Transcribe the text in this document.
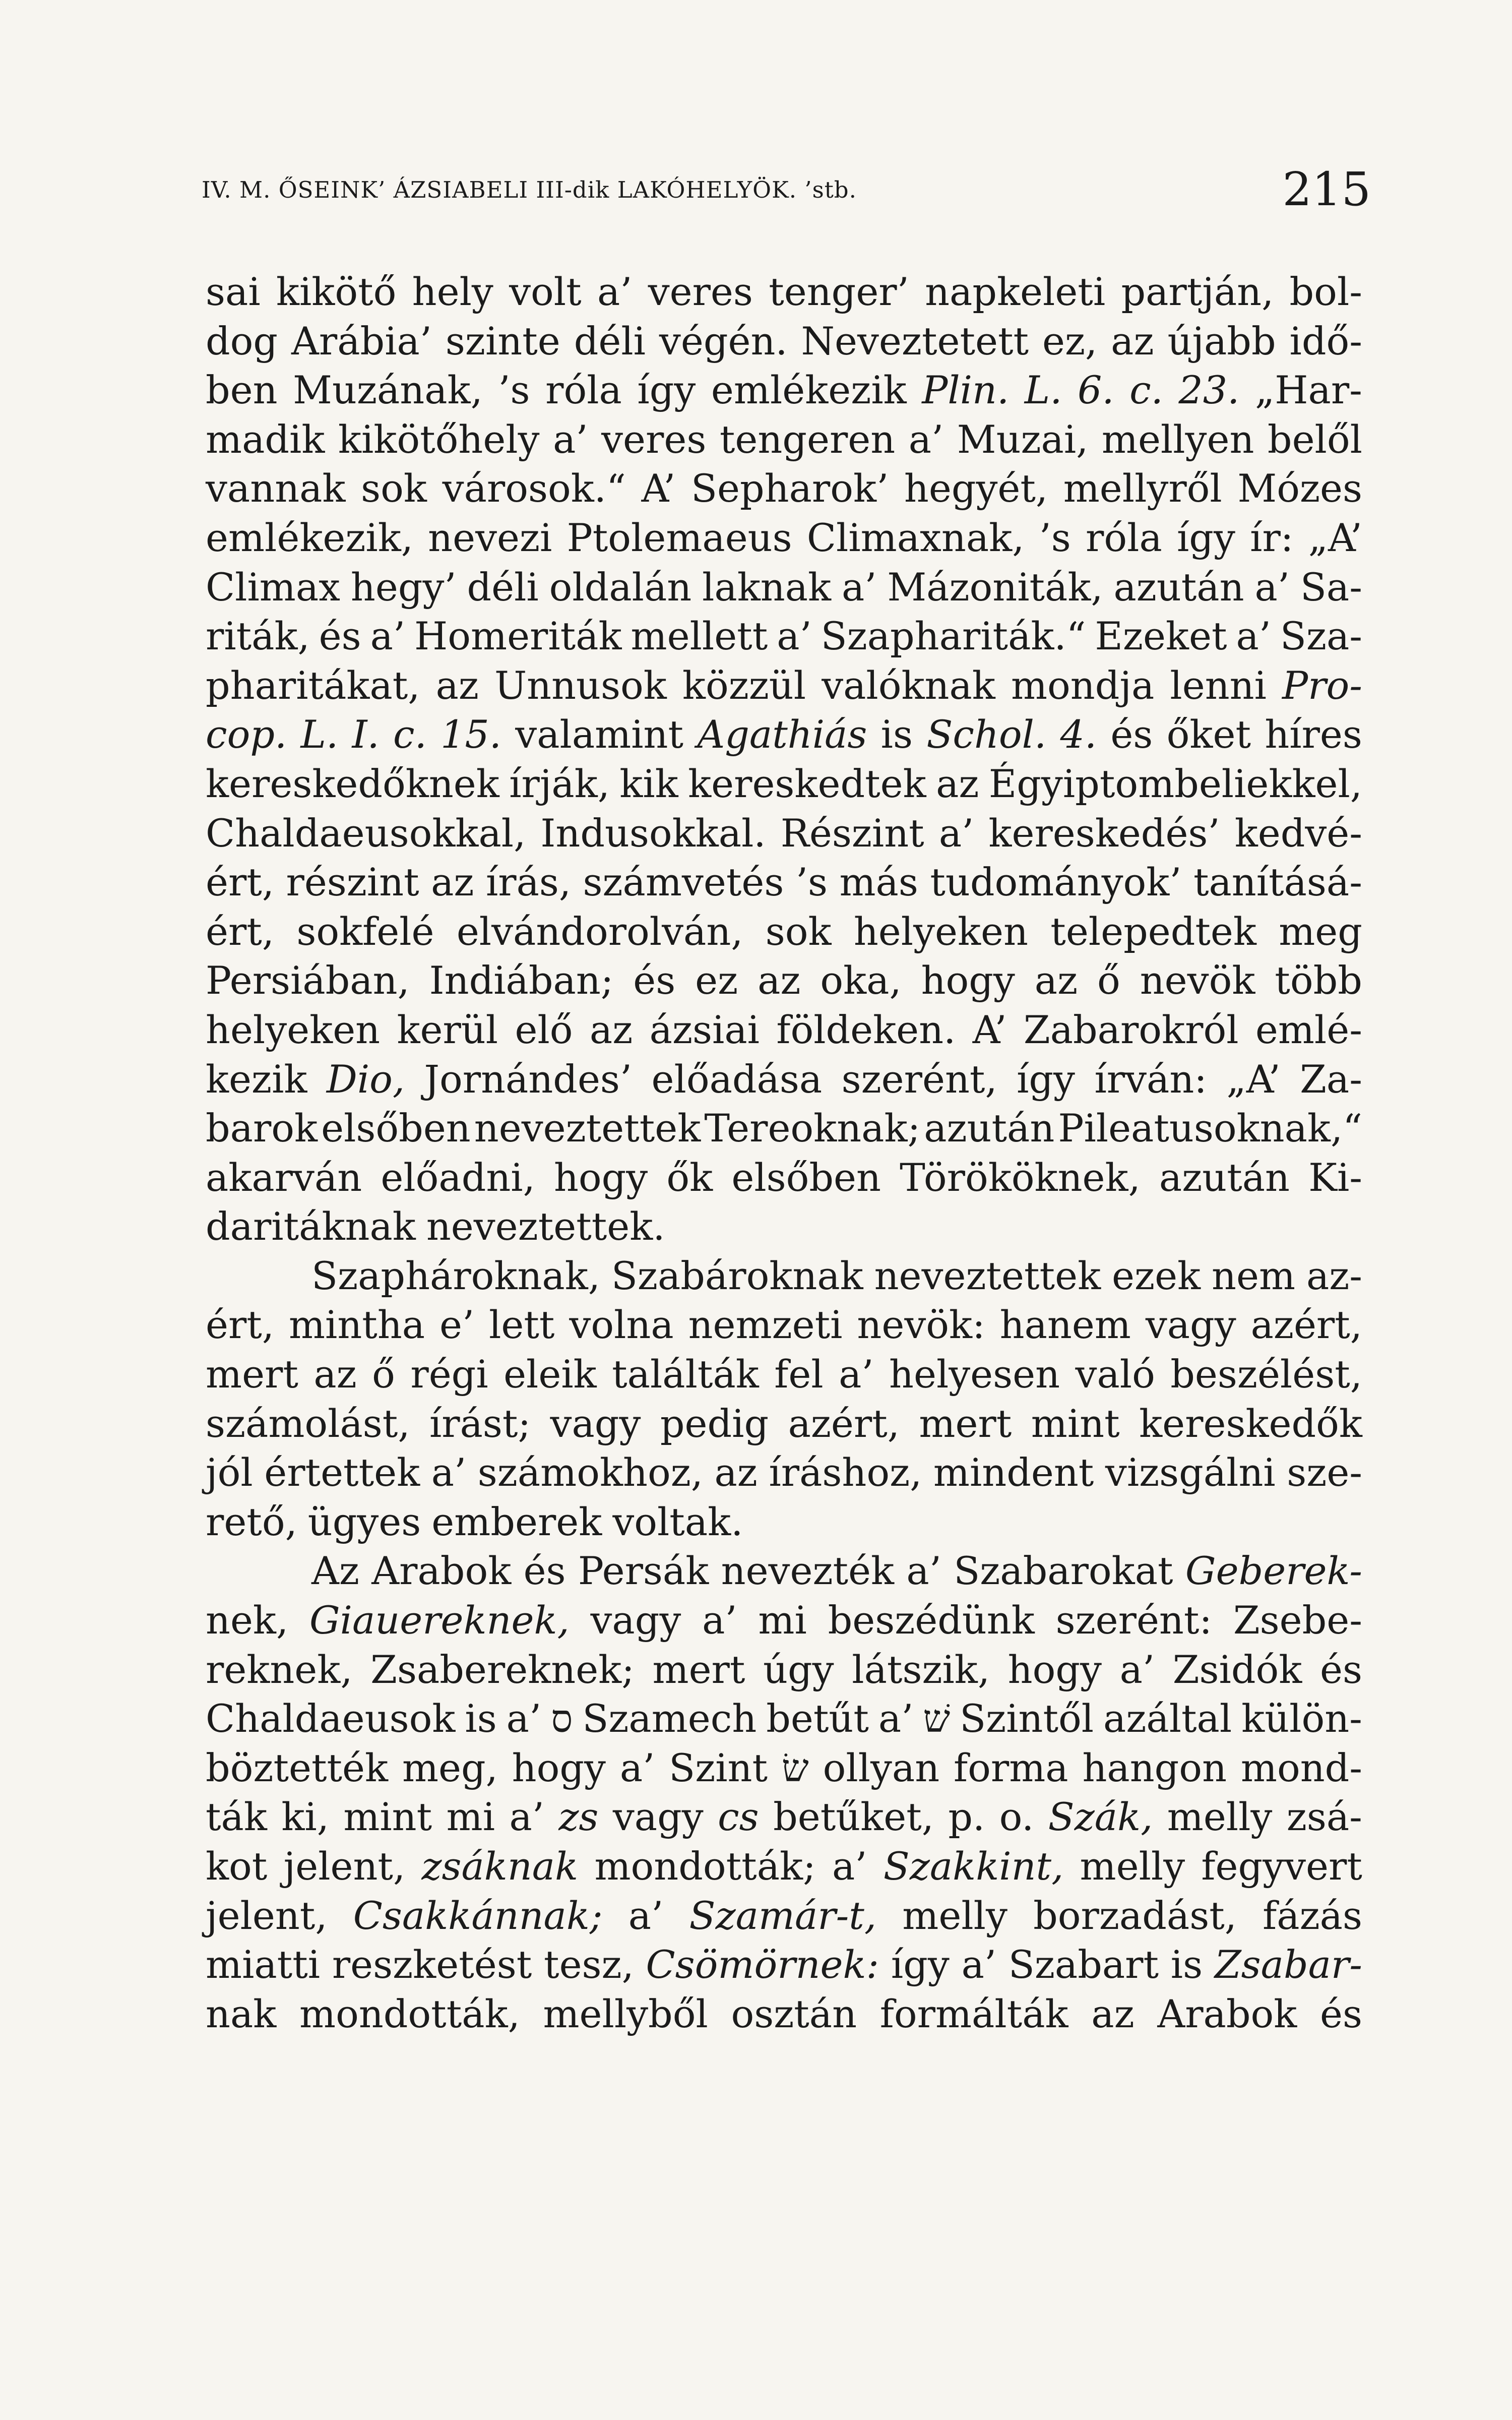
IV. M. ŐSEINK’ ÁZSIABELI III-dik LAKÓHELYÖK. ’stb.	215
sai kikötő hely volt a’ veres tenger’ napkeleti partján, bol-
dog Arábia’ szinte déli végén. Neveztetett ez, az újabb idő-
ben Muzának, ’s róla így emlékezik Plin. L. 6. c. 23. „Har-
madik kikötőhely a’ veres tengeren a’ Muzai, mellyen belől
vannak sok városok.“ A’ Sepharok’ hegyét, mellyről Mózes
emlékezik, nevezi Ptolemaeus Climaxnak, ’s róla így ír: „A’
Climax hegy’ déli oldalán laknak a’ Mázoniták, azután a’ Sa-
riták, és a’ Homeriták mellett a’ Szaphariták.“ Ezeket a’ Sza-
pharitákat, az Unnusok közzül valóknak mondja lenni Pro-
cop. L. I. c. 15. valamint Agathiás is Schol. 4. és őket híres
kereskedőknek írják, kik kereskedtek az Égyiptombeliekkel,
Chaldaeusokkal, Indusokkal. Részint a’ kereskedés’ kedvé-
ért, részint az írás, számvetés ’s más tudományok’ tanításá-
ért, sokfelé elvándorolván, sok helyeken telepedtek meg
Persiában, Indiában; és ez az oka, hogy az ő nevök több
helyeken kerül elő az ázsiai földeken. A’ Zabarokról emlé-
kezik Dio, Jornándes’ előadása szerént, így írván: „A’ Za-
barok elsőben neveztettek Tereoknak; azután Pileatusoknak,“
akarván előadni, hogy ők elsőben Törököknek, azután Ki-
daritáknak neveztettek.
Szaphároknak, Szabároknak neveztettek ezek nem az-
ért, mintha e’ lett volna nemzeti nevök: hanem vagy azért,
mert az ő régi eleik találták fel a’ helyesen való beszélést,
számolást, írást; vagy pedig azért, mert mint kereskedők
jól értettek a’ számokhoz, az íráshoz, mindent vizsgálni sze-
rető, ügyes emberek voltak.
Az Arabok és Persák nevezték a’ Szabarokat Geberek-
nek, Giauereknek, vagy a’ mi beszédünk szerént: Zsebe-
reknek, Zsabereknek; mert úgy látszik, hogy a’ Zsidók és
Chaldaeusok is a’ ס Szamech betűt a’ שׁ Szintől azáltal külön-
böztették meg, hogy a’ Szint שׂ ollyan forma hangon mond-
ták ki, mint mi a’ zs vagy cs betűket, p. o. Szák, melly zsá-
kot jelent, zsáknak mondották; a’ Szakkint, melly fegyvert
jelent, Csakkánnak; a’ Szamár-t, melly borzadást, fázás
miatti reszketést tesz, Csömörnek: így a’ Szabart is Zsabar-
nak mondották, mellyből osztán formálták az Arabok és
